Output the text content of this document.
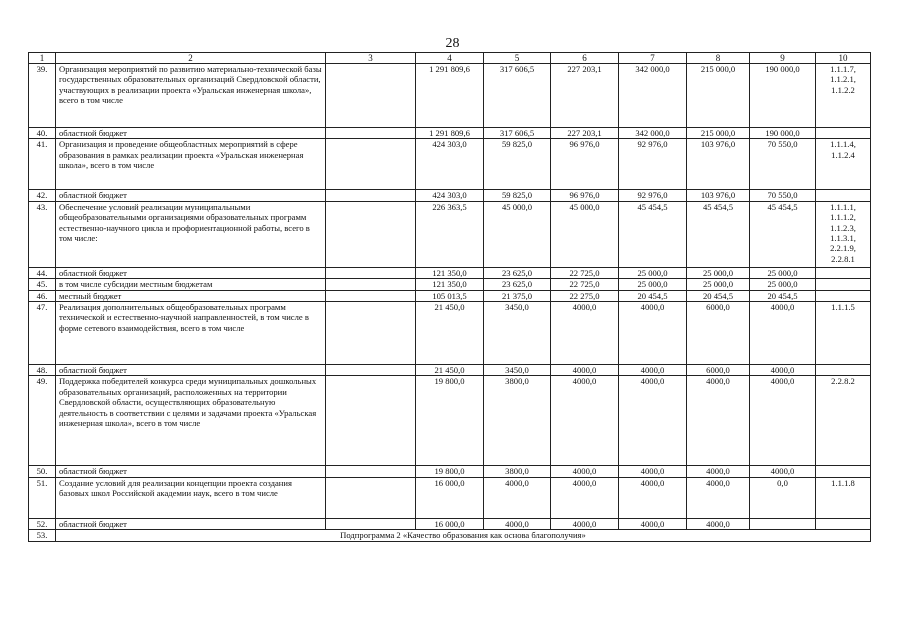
28
1	2	3	4	5	6	7	8	9	10
39.	Организация мероприятий по развитию материально-технической базы государственных образовательных организаций Свердловской области, участвующих в реализации проекта «Уральская инженерная школа», всего в том числе		1 291 809,6	317 606,5	227 203,1	342 000,0	215 000,0	190 000,0	1.1.1.7, 1.1.2.1, 1.1.2.2
40.	областной бюджет		1 291 809,6	317 606,5	227 203,1	342 000,0	215 000,0	190 000,0	
41.	Организация и проведение общеобластных мероприятий в сфере образования в рамках реализации проекта «Уральская инженерная школа», всего в том числе		424 303,0	59 825,0	96 976,0	92 976,0	103 976,0	70 550,0	1.1.1.4, 1.1.2.4
42.	областной бюджет		424 303,0	59 825,0	96 976,0	92 976,0	103 976,0	70 550,0	
43.	Обеспечение условий реализации муниципальными общеобразовательными организациями образовательных программ естественно-научного цикла и профориентационной работы, всего в том числе:		226 363,5	45 000,0	45 000,0	45 454,5	45 454,5	45 454,5	1.1.1.1, 1.1.1.2, 1.1.2.3, 1.1.3.1, 2.2.1.9, 2.2.8.1
44.	областной бюджет		121 350,0	23 625,0	22 725,0	25 000,0	25 000,0	25 000,0	
45.	в том числе субсидии местным бюджетам		121 350,0	23 625,0	22 725,0	25 000,0	25 000,0	25 000,0	
46.	местный бюджет		105 013,5	21 375,0	22 275,0	20 454,5	20 454,5	20 454,5	
47.	Реализация дополнительных общеобразовательных программ технической и естественно-научной направленностей, в том числе в форме сетевого взаимодействия, всего в том числе		21 450,0	3450,0	4000,0	4000,0	6000,0	4000,0	1.1.1.5
48.	областной бюджет		21 450,0	3450,0	4000,0	4000,0	6000,0	4000,0	
49.	Поддержка победителей конкурса среди муниципальных дошкольных образовательных организаций, расположенных на территории Свердловской области, осуществляющих образовательную деятельность в соответствии с целями и задачами проекта «Уральская инженерная школа», всего в том числе		19 800,0	3800,0	4000,0	4000,0	4000,0	4000,0	2.2.8.2
50.	областной бюджет		19 800,0	3800,0	4000,0	4000,0	4000,0	4000,0	
51.	Создание условий для реализации концепции проекта создания базовых школ Российской академии наук, всего в том числе		16 000,0	4000,0	4000,0	4000,0	4000,0	0,0	1.1.1.8
52.	областной бюджет		16 000,0	4000,0	4000,0	4000,0	4000,0		
53.	Подпрограмма 2 «Качество образования как основа благополучия»								
